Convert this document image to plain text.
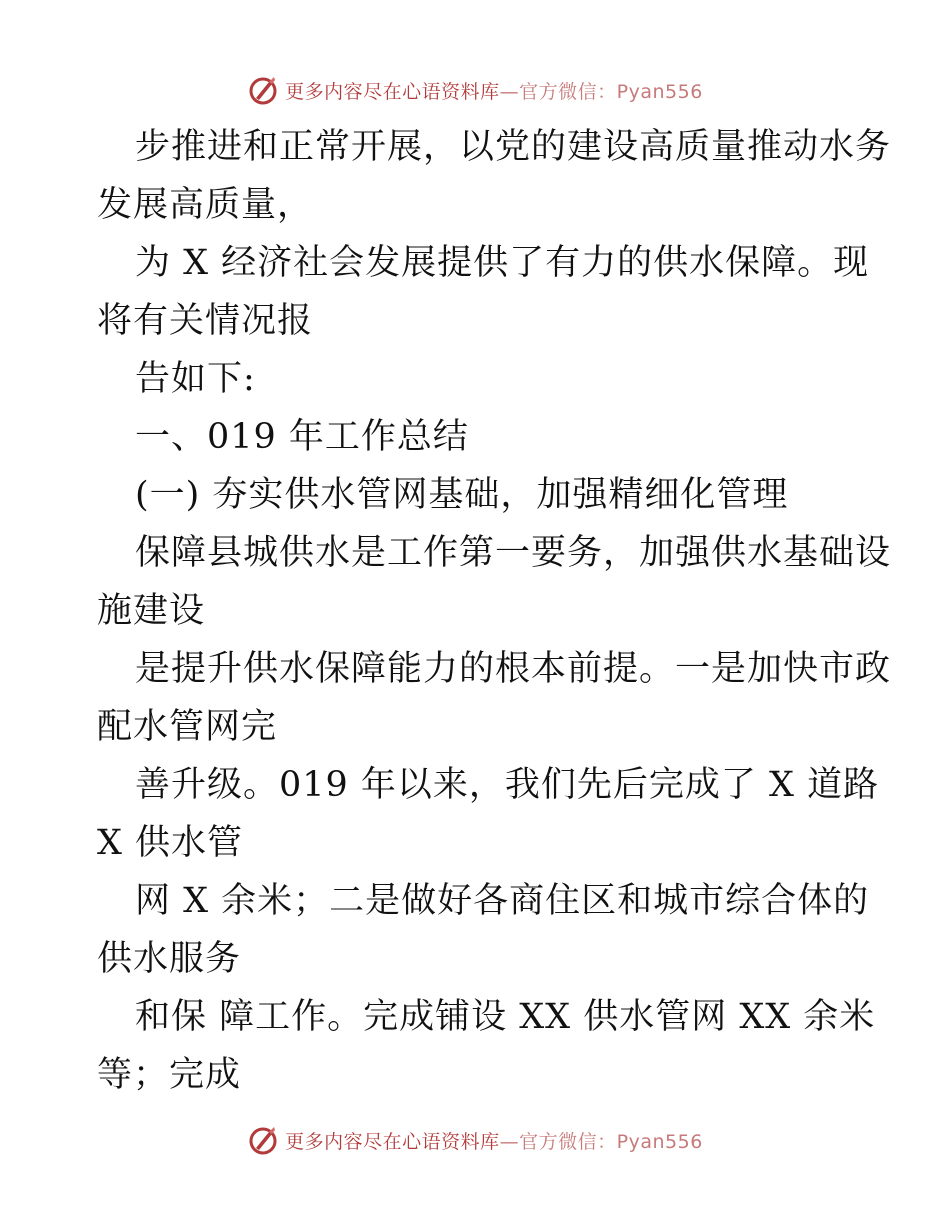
更多内容尽在心语资料库—官方微信：Pyan556
步推进和正常开展，以党的建设高质量推动水务
发展高质量，
为 X 经济社会发展提供了有力的供水保障。现
将有关情况报
告如下:
一、019 年工作总结
(一) 夯实供水管网基础，加强精细化管理
保障县城供水是工作第一要务，加强供水基础设
施建设
是提升供水保障能力的根本前提。一是加快市政
配水管网完
善升级。019 年以来，我们先后完成了 X 道路
X 供水管
网 X 余米；二是做好各商住区和城市综合体的
供水服务
和保 障工作。完成铺设 XX 供水管网 XX 余米
等；完成
更多内容尽在心语资料库—官方微信：Pyan556
